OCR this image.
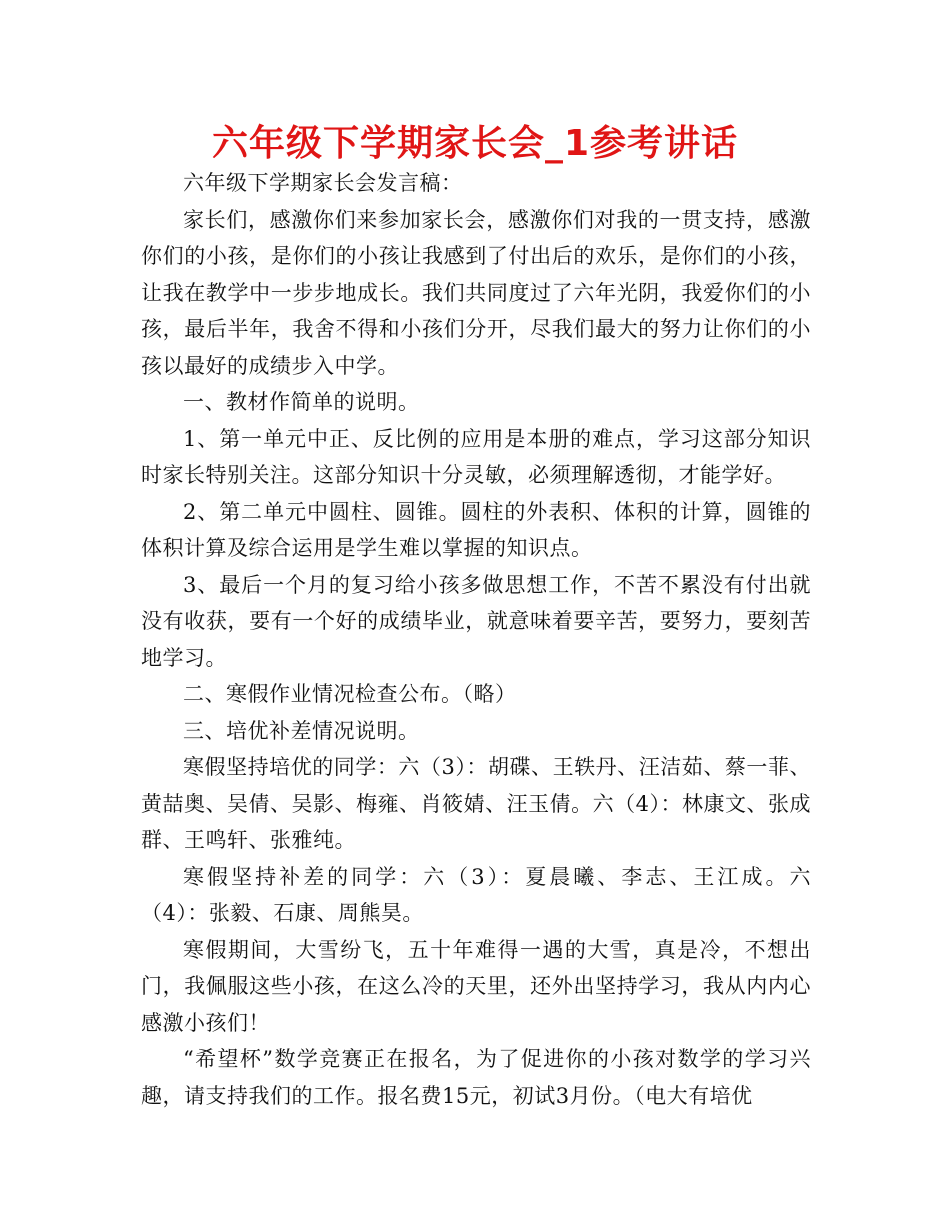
六年级下学期家长会_1参考讲话

六年级下学期家长会发言稿：

家长们，感激你们来参加家长会，感激你们对我的一贯支持，感激你们的小孩，是你们的小孩让我感到了付出后的欢乐，是你们的小孩，让我在教学中一步步地成长。我们共同度过了六年光阴，我爱你们的小孩，最后半年，我舍不得和小孩们分开，尽我们最大的努力让你们的小孩以最好的成绩步入中学。

一、教材作简单的说明。

1、第一单元中正、反比例的应用是本册的难点，学习这部分知识时家长特别关注。这部分知识十分灵敏，必须理解透彻，才能学好。

2、第二单元中圆柱、圆锥。圆柱的外表积、体积的计算，圆锥的体积计算及综合运用是学生难以掌握的知识点。

3、最后一个月的复习给小孩多做思想工作，不苦不累没有付出就没有收获，要有一个好的成绩毕业，就意味着要辛苦，要努力，要刻苦地学习。

二、寒假作业情况检查公布。（略）

三、培优补差情况说明。

寒假坚持培优的同学：六（3）：胡碟、王轶丹、汪洁茹、蔡一菲、黄喆奥、吴倩、吴影、梅雍、肖筱婧、汪玉倩。六（4）：林康文、张成群、王鸣轩、张雅纯。

寒假坚持补差的同学：六（3）：夏晨曦、李志、王江成。六（4）：张毅、石康、周熊昊。

寒假期间，大雪纷飞，五十年难得一遇的大雪，真是冷，不想出门，我佩服这些小孩，在这么冷的天里，还外出坚持学习，我从内内心感激小孩们！

“希望杯”数学竞赛正在报名，为了促进你的小孩对数学的学习兴趣，请支持我们的工作。报名费15元，初试3月份。（电大有培优
